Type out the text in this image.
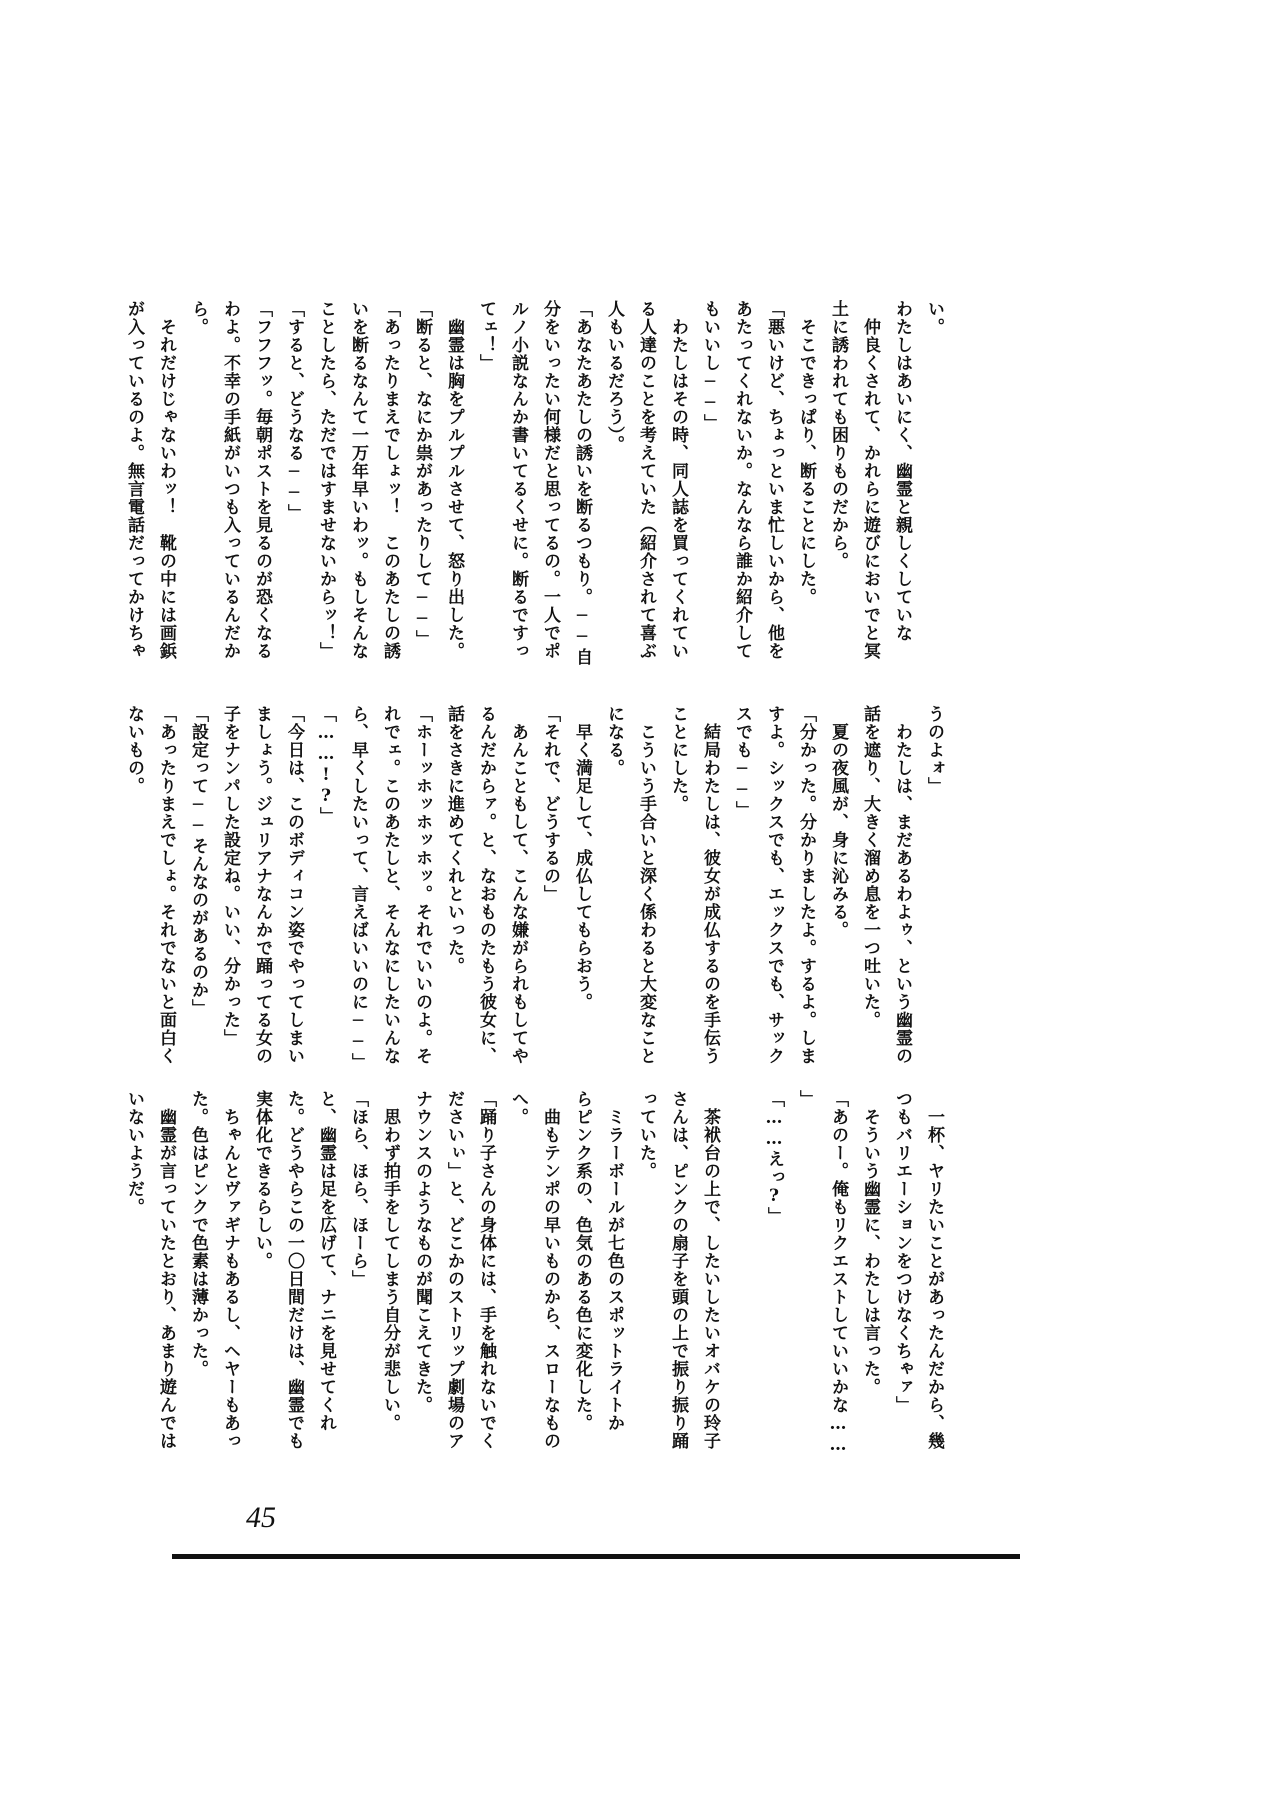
い。

わたしはあいにく、幽霊と親しくしていな

　仲良くされて、かれらに遊びにおいでと冥

土に誘われても困りものだから。

　そこできっぱり、断ることにした。

「悪いけど、ちょっといま忙しいから、他を

あたってくれないか。なんなら誰か紹介して

もいいし──」

　わたしはその時、同人誌を買ってくれてい

る人達のことを考えていた（紹介されて喜ぶ

人もいるだろう）。

「あなたあたしの誘いを断るつもり。──自

分をいったい何様だと思ってるの。一人でポ

ルノ小説なんか書いてるくせに。断るですっ

てェ！」

　幽霊は胸をプルプルさせて、怒り出した。

「断ると、なにか祟があったりして──」

「あったりまえでしょッ！　このあたしの誘

いを断るなんて一万年早いわッ。もしそんな

ことしたら、ただではすませないからッ！」

「すると、どうなる──」

「フフフッ。毎朝ポストを見るのが恐くなる

わよ。不幸の手紙がいつも入っているんだか

ら。

　それだけじゃないわッ！　靴の中には画鋲

が入っているのよ。無言電話だってかけちゃ

うのよォ」

　わたしは、まだあるわよゥ、という幽霊の

話を遮り、大きく溜め息を一つ吐いた。

　夏の夜風が、身に沁みる。

「分かった。分かりましたよ。するよ。しま

すよ。シックスでも、エックスでも、サック

スでも──」

　結局わたしは、彼女が成仏するのを手伝う

ことにした。

　こういう手合いと深く係わると大変なこと

になる。

　早く満足して、成仏してもらおう。

「それで、どうするの」

　あんこともして、こんな嫌がられもしてや

るんだからァ。と、なおものたもう彼女に、

話をさきに進めてくれといった。

「ホーッホッホッホッ。それでいいのよ。そ

れでェ。このあたしと、そんなにしたいんな

ら、早くしたいって、言えばいいのに──」

「……!?」

「今日は、このボディコン姿でやってしまい

ましょう。ジュリアナなんかで踊ってる女の

子をナンパした設定ね。いい、分かった」

「設定って──そんなのがあるのか」

「あったりまえでしょ。それでないと面白く

ないもの。

　一杯、ヤリたいことがあったんだから、幾

つもバリエーションをつけなくちゃァ」

　そういう幽霊に、わたしは言った。

「あのー。俺もリクエストしていいかな……

」

「……えっ?」

　茶袱台の上で、したいしたいオバケの玲子

さんは、ピンクの扇子を頭の上で振り振り踊

っていた。

　ミラーボールが七色のスポットライトか

らピンク系の、色気のある色に変化した。

　曲もテンポの早いものから、スローなもの

へ。

「踊り子さんの身体には、手を触れないでく

ださいぃ」と、どこかのストリップ劇場のア

ナウンスのようなものが聞こえてきた。

　思わず拍手をしてしまう自分が悲しい。

「ほら、ほら、ほーら」

と、幽霊は足を広げて、ナニを見せてくれ

た。どうやらこの一〇日間だけは、幽霊でも

実体化できるらしい。

　ちゃんとヴァギナもあるし、ヘヤーもあっ

た。色はピンクで色素は薄かった。

　幽霊が言っていたとおり、あまり遊んでは

いないようだ。

45
